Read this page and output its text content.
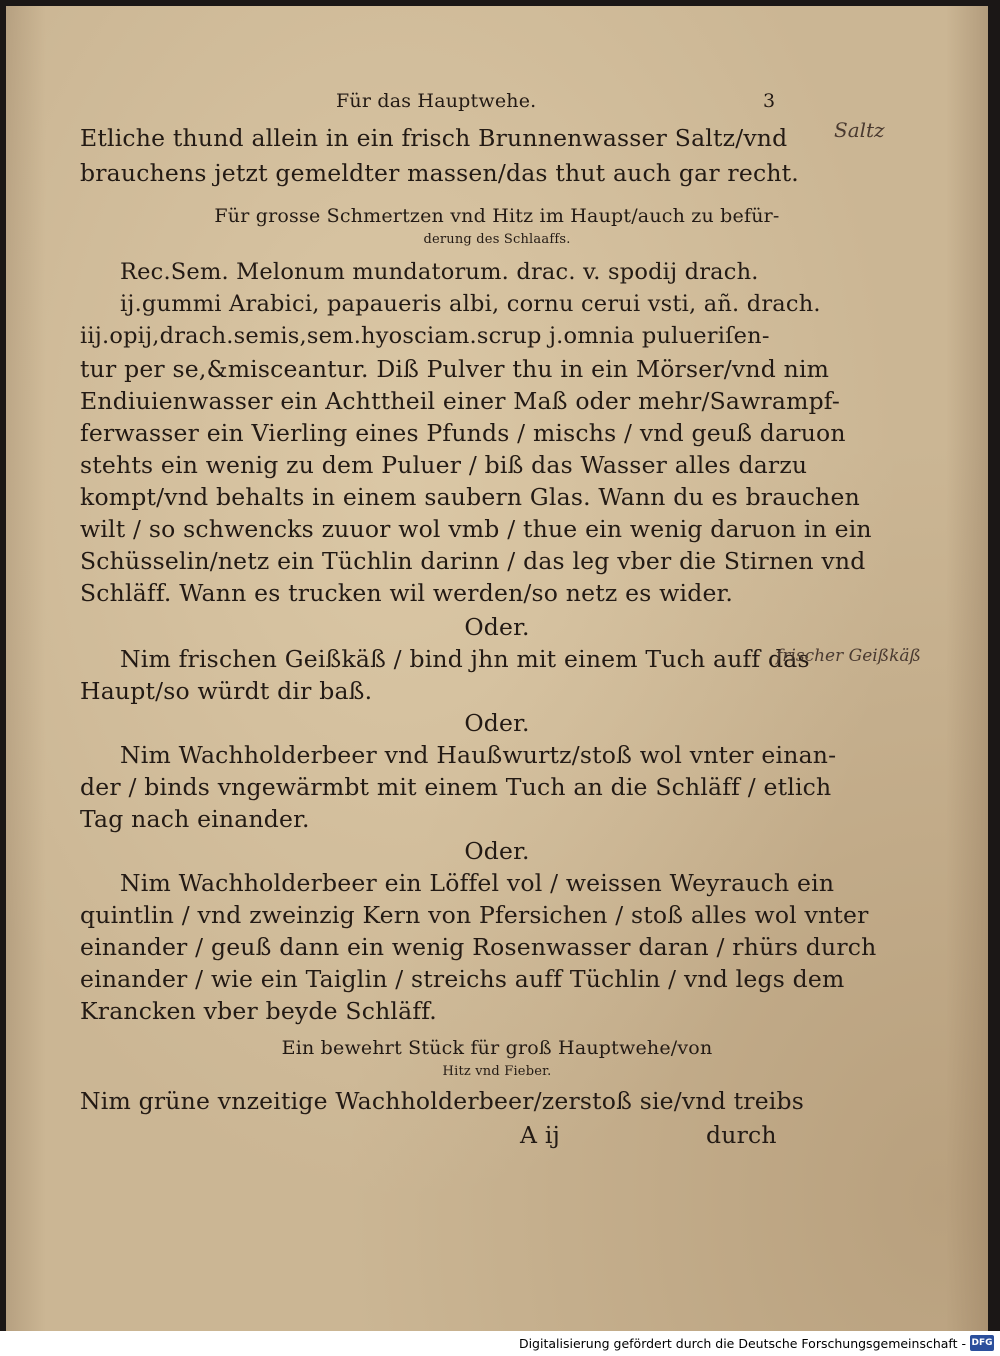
Für das Hauptwehe.	3
Etliche thund allein in ein frisch Brunnenwasser Saltz/vnd
brauchens jetzt gemeldter massen/das thut auch gar recht.
Für grosse Schmertzen vnd Hitz im Haupt/auch zu befür-
derung des Schlaaffs.
Rec.Sem. Melonum mundatorum. drac. v. spodij drach.
ij.gummi Arabici, papaueris albi, cornu cerui vsti, añ. drach.
iij.opij,drach.semis,sem.hyosciam.scrup j.omnia pulueriſen-
tur per se,&misceantur. Diß Pulver thu in ein Mörser/vnd nim
Endiuienwasser ein Achttheil einer Maß oder mehr/Sawrampf-
ferwasser ein Vierling eines Pfunds / mischs / vnd geuß daruon
stehts ein wenig zu dem Puluer / biß das Wasser alles darzu
kompt/vnd behalts in einem saubern Glas. Wann du es brauchen
wilt / so schwencks zuuor wol vmb / thue ein wenig daruon in ein
Schüsselin/netz ein Tüchlin darinn / das leg vber die Stirnen vnd
Schläff. Wann es trucken wil werden/so netz es wider.
Oder.
Nim frischen Geißkäß / bind jhn mit einem Tuch auff das
Haupt/so würdt dir baß.
Oder.
Nim Wachholderbeer vnd Haußwurtz/stoß wol vnter einan-
der / binds vngewärmbt mit einem Tuch an die Schläff / etlich
Tag nach einander.
Oder.
Nim Wachholderbeer ein Löffel vol / weissen Weyrauch ein
quintlin / vnd zweinzig Kern von Pfersichen / stoß alles wol vnter
einander / geuß dann ein wenig Rosenwasser daran / rhürs durch
einander / wie ein Taiglin / streichs auff Tüchlin / vnd legs dem
Krancken vber beyde Schläff.
Ein bewehrt Stück für groß Hauptwehe/von
Hitz vnd Fieber.
Nim grüne vnzeitige Wachholderbeer/zerstoß sie/vnd treibs
A ij	durch
Saltz
frischer Geißkäß
Digitalisierung gefördert durch die Deutsche Forschungsgemeinschaft - DFG
